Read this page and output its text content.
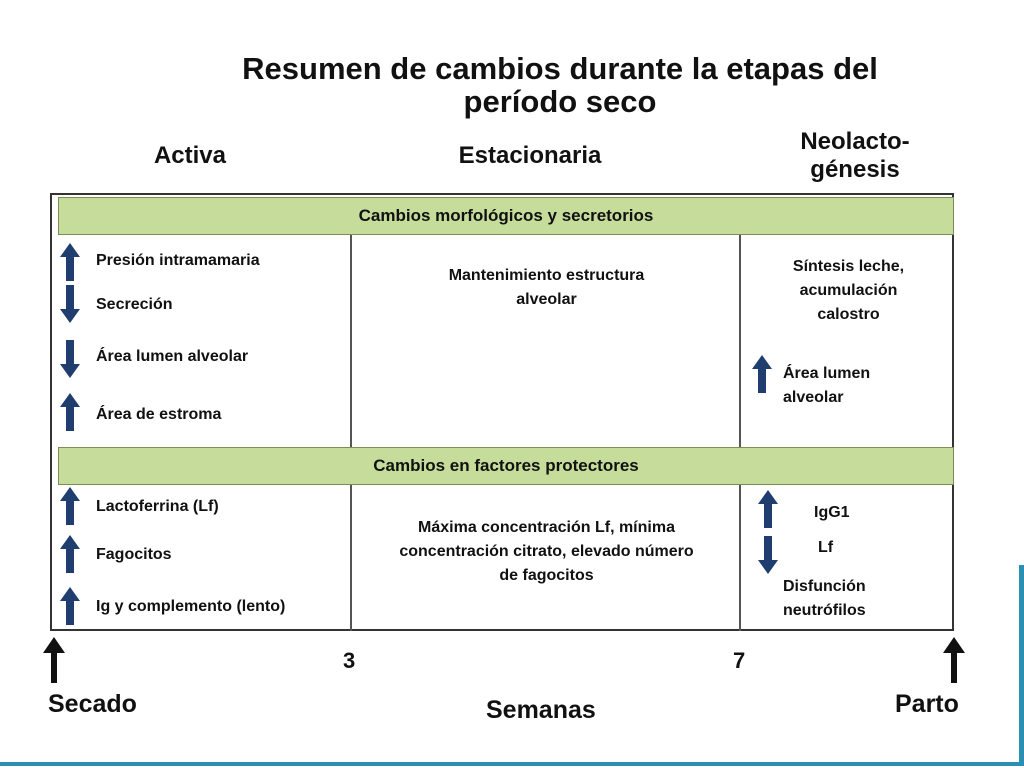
Resumen de cambios durante la etapas del
período seco
Activa	Estacionaria
Neolacto-
génesis
Cambios morfológicos y secretorios
Cambios en factores protectores
Presión intramamaria
Secreción
Área lumen alveolar
Área de estroma
Mantenimiento estructura
alveolar
Síntesis leche,
acumulación
calostro
Área lumen
alveolar
Lactoferrina (Lf)
Fagocitos
Ig y complemento (lento)
Máxima concentración Lf, mínima
concentración citrato, elevado número
de fagocitos
IgG1
Lf
Disfunción
neutrófilos
3	7
Secado	Semanas	Parto
